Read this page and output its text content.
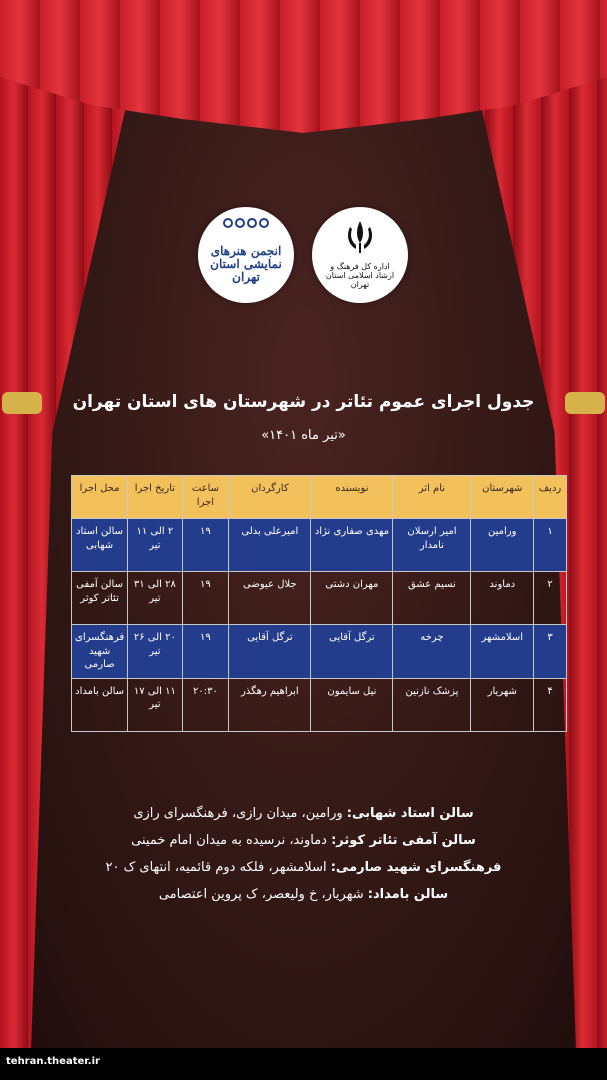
اداره کل فرهنگ و ارشاد اسلامی استان تهران
انجمن هنرهای نمایشی استان تهران
جدول اجرای عموم تئاتر در شهرستان های استان تهران
«تیر ماه ۱۴۰۱»
ردیف	شهرستان	نام اثر	نویسنده	کارگردان	ساعت اجرا	تاریخ اجرا	محل اجرا
۱	ورامین	امیر ارسلان نامدار	مهدی صفاری نژاد	امیرعلی بدلی	۱۹	۲ الی ۱۱ تیر	سالن استاد شهابی
۲	دماوند	نسیم عشق	مهران دشتی	جلال عیوضی	۱۹	۲۸ الی ۳۱ تیر	سالن آمفی تئاتر کوثر
۳	اسلامشهر	چرخه	ترگل آقایی	ترگل آقایی	۱۹	۲۰ الی ۲۶ تیر	فرهنگسرای شهید صارمی
۴	شهریار	پزشک نازنین	نیل سایمون	ابراهیم رهگذر	۲۰:۳۰	۱۱ الی ۱۷ تیر	سالن بامداد
سالن استاد شهابی: ورامین، میدان رازی، فرهنگسرای رازی
سالن آمفی تئاتر کوثر: دماوند، نرسیده به میدان امام خمینی
فرهنگسرای شهید صارمی: اسلامشهر، فلکه دوم قائمیه، انتهای ک ۲۰
سالن بامداد: شهریار، خ ولیعصر، ک پروین اعتصامی
tehran.theater.ir
